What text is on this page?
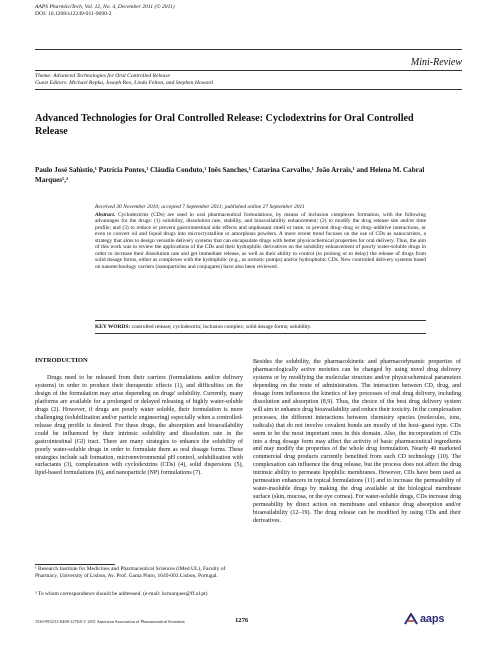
AAPS PharmSciTech, Vol. 12, No. 4, December 2011 (© 2011)
DOI: 10.1208/s12249-011-9690-2
Mini-Review
Theme: Advanced Technologies for Oral Controlled Release
Guest Editors: Michael Repka, Joseph Reo, Linda Felton, and Stephen Howard
Advanced Technologies for Oral Controlled Release: Cyclodextrins for Oral Controlled Release
Paulo José Salústio,¹ Patrícia Pontes,¹ Cláudia Conduto,¹ Inês Sanches,¹ Catarina Carvalho,¹ João Arrais,¹ and Helena M. Cabral Marques¹,²
Received 30 November 2010; accepted 7 September 2011; published online 27 September 2011
Abstract. Cyclodextrins (CDs) are used in oral pharmaceutical formulations, by means of inclusion complexes formation, with the following advantages for the drugs: (1) solubility, dissolution rate, stability, and bioavailability enhancement; (2) to modify the drug release site and/or time profile; and (3) to reduce or prevent gastrointestinal side effects and unpleasant smell or taste, to prevent drug–drug or drug–additive interactions, or even to convert oil and liquid drugs into microcrystalline or amorphous powders. A more recent trend focuses on the use of CDs as nanocarriers, a strategy that aims to design versatile delivery systems that can encapsulate drugs with better physicochemical properties for oral delivery. Thus, the aim of this work was to review the applications of the CDs and their hydrophilic derivatives on the solubility enhancement of poorly water-soluble drugs in order to increase their dissolution rate and get immediate release, as well as their ability to control (to prolong or to delay) the release of drugs from solid dosage forms, either as complexes with the hydrophilic (e.g., as osmotic pumps) and/or hydrophobic CDs. New controlled delivery systems based on nanotechnology carriers (nanoparticles and conjugates) have also been reviewed.
KEY WORDS: controlled release; cyclodextrin; inclusion complex; solid dosage forms; solubility.
INTRODUCTION
Drugs need to be released from their carriers (formulations and/or delivery systems) in order to produce their therapeutic effects (1), and difficulties on the design of the formulation may arise depending on drugs' solubility. Currently, many platforms are available for a prolonged or delayed releasing of highly water-soluble drugs (2). However, if drugs are poorly water soluble, their formulation is more challenging (solubilization and/or particle engineering) especially when a controlled-release drug profile is desired. For these drugs, the absorption and bioavailability could be influenced by their intrinsic solubility and dissolution rate in the gastrointestinal (GI) tract. There are many strategies to enhance the solubility of poorly water-soluble drugs in order to formulate them as oral dosage forms. These strategies include salt formation, microenvironmental pH control, solubilization with surfactants (3), complexation with cyclodextrins (CDs) (4), solid dispersions (5), lipid-based formulations (6), and nanoparticle (NP) formulations (7).
Besides the solubility, the pharmacokinetic and pharmacodynamic properties of pharmacologically active moieties can be changed by using novel drug delivery systems or by modifying the molecular structure and/or physicochemical parameters depending on the route of administration. The interaction between CD, drug, and dosage form influences the kinetics of key processes of oral drug delivery, including dissolution and absorption (8,9). Thus, the choice of the best drug delivery system will aim to enhance drug bioavailability and reduce their toxicity. In the complexation processes, the different interactions between chemistry species (molecules, ions, radicals) that do not involve covalent bonds are mostly of the host–guest type. CDs seem to be the most important ones in this domain. Also, the incorporation of CDs into a drug dosage form may affect the activity of basic pharmaceutical ingredients and may modify the properties of the whole drug formulation. Nearly 40 marketed commercial drug products currently benefited from such CD technology (10). The complexation can influence the drug release, but the process does not affect the drug intrinsic ability to permeate lipophilic membranes. However, CDs have been used as permeation enhancers in topical formulations (11) and to increase the permeability of water-insoluble drugs by making the drug available at the biological membrane surface (skin, mucosa, or the eye cornea). For water-soluble drugs, CDs increase drug permeability by direct action on membrane and enhance drug absorption and/or bioavailability (12–19). The drug release can be modified by using CDs and their derivatives.
¹ Research Institute for Medicines and Pharmaceutical Sciences (iMed.UL), Faculty of Pharmacy, University of Lisbon, Av. Prof. Gama Pinto, 1649-003 Lisbon, Portugal.
² To whom correspondence should be addressed. (e-mail: hcmarques@ff.ul.pt)
1530-9932/11/0400-1276/0 © 2011 American Association of Pharmaceutical Scientists	1276	aaps
